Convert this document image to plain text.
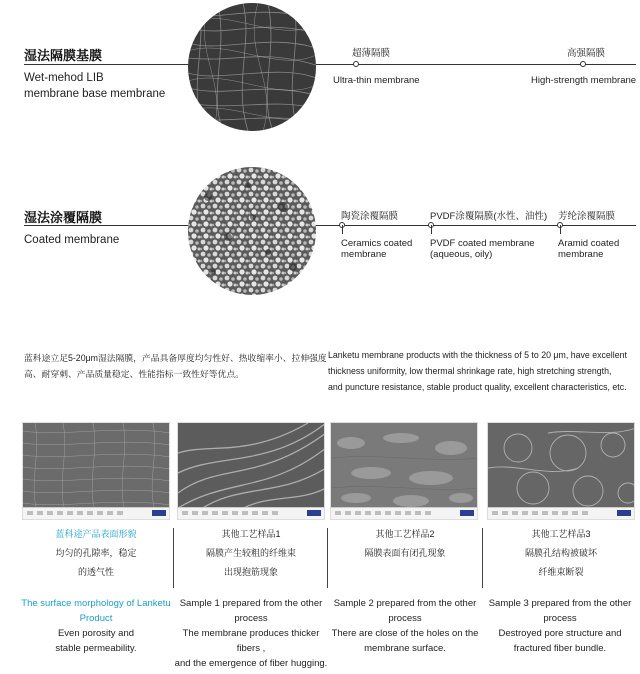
湿法隔膜基膜
Wet-mehod LIB
membrane base membrane
超薄隔膜
Ultra-thin membrane
高强隔膜
High-strength membrane
湿法涂覆隔膜
Coated membrane
陶瓷涂覆隔膜
Ceramics coated
membrane
PVDF涂覆隔膜(水性、油性)
PVDF coated membrane
(aqueous, oily)
芳纶涂覆隔膜
Aramid coated
membrane
蓝科途立足5-20μm湿法隔膜，产品具备厚度均匀性好、热收缩率小、拉伸强度
高、耐穿刺、产品质量稳定、性能指标一致性好等优点。
Lanketu membrane products with the thickness of 5 to 20 μm, have excellent
thickness uniformity, low thermal shrinkage rate, high stretching strength,
and puncture resistance, stable product quality, excellent characteristics, etc.
蓝科途产品表面形貌
均匀的孔隙率，稳定
的透气性
其他工艺样品1
隔膜产生较粗的纤维束
出现抱筋现象
其他工艺样品2
隔膜表面有闭孔现象
其他工艺样品3
隔膜孔结构被破坏
纤维束断裂
The surface morphology of Lanketu
Product
Even porosity and
stable permeability.
Sample 1 prepared from the other
process
The membrane produces thicker fibers ,
and the emergence of fiber hugging.
Sample 2 prepared from the other
process
There are close of the holes on the
membrane surface.
Sample 3 prepared from the other
process
Destroyed pore structure and
fractured fiber bundle.
